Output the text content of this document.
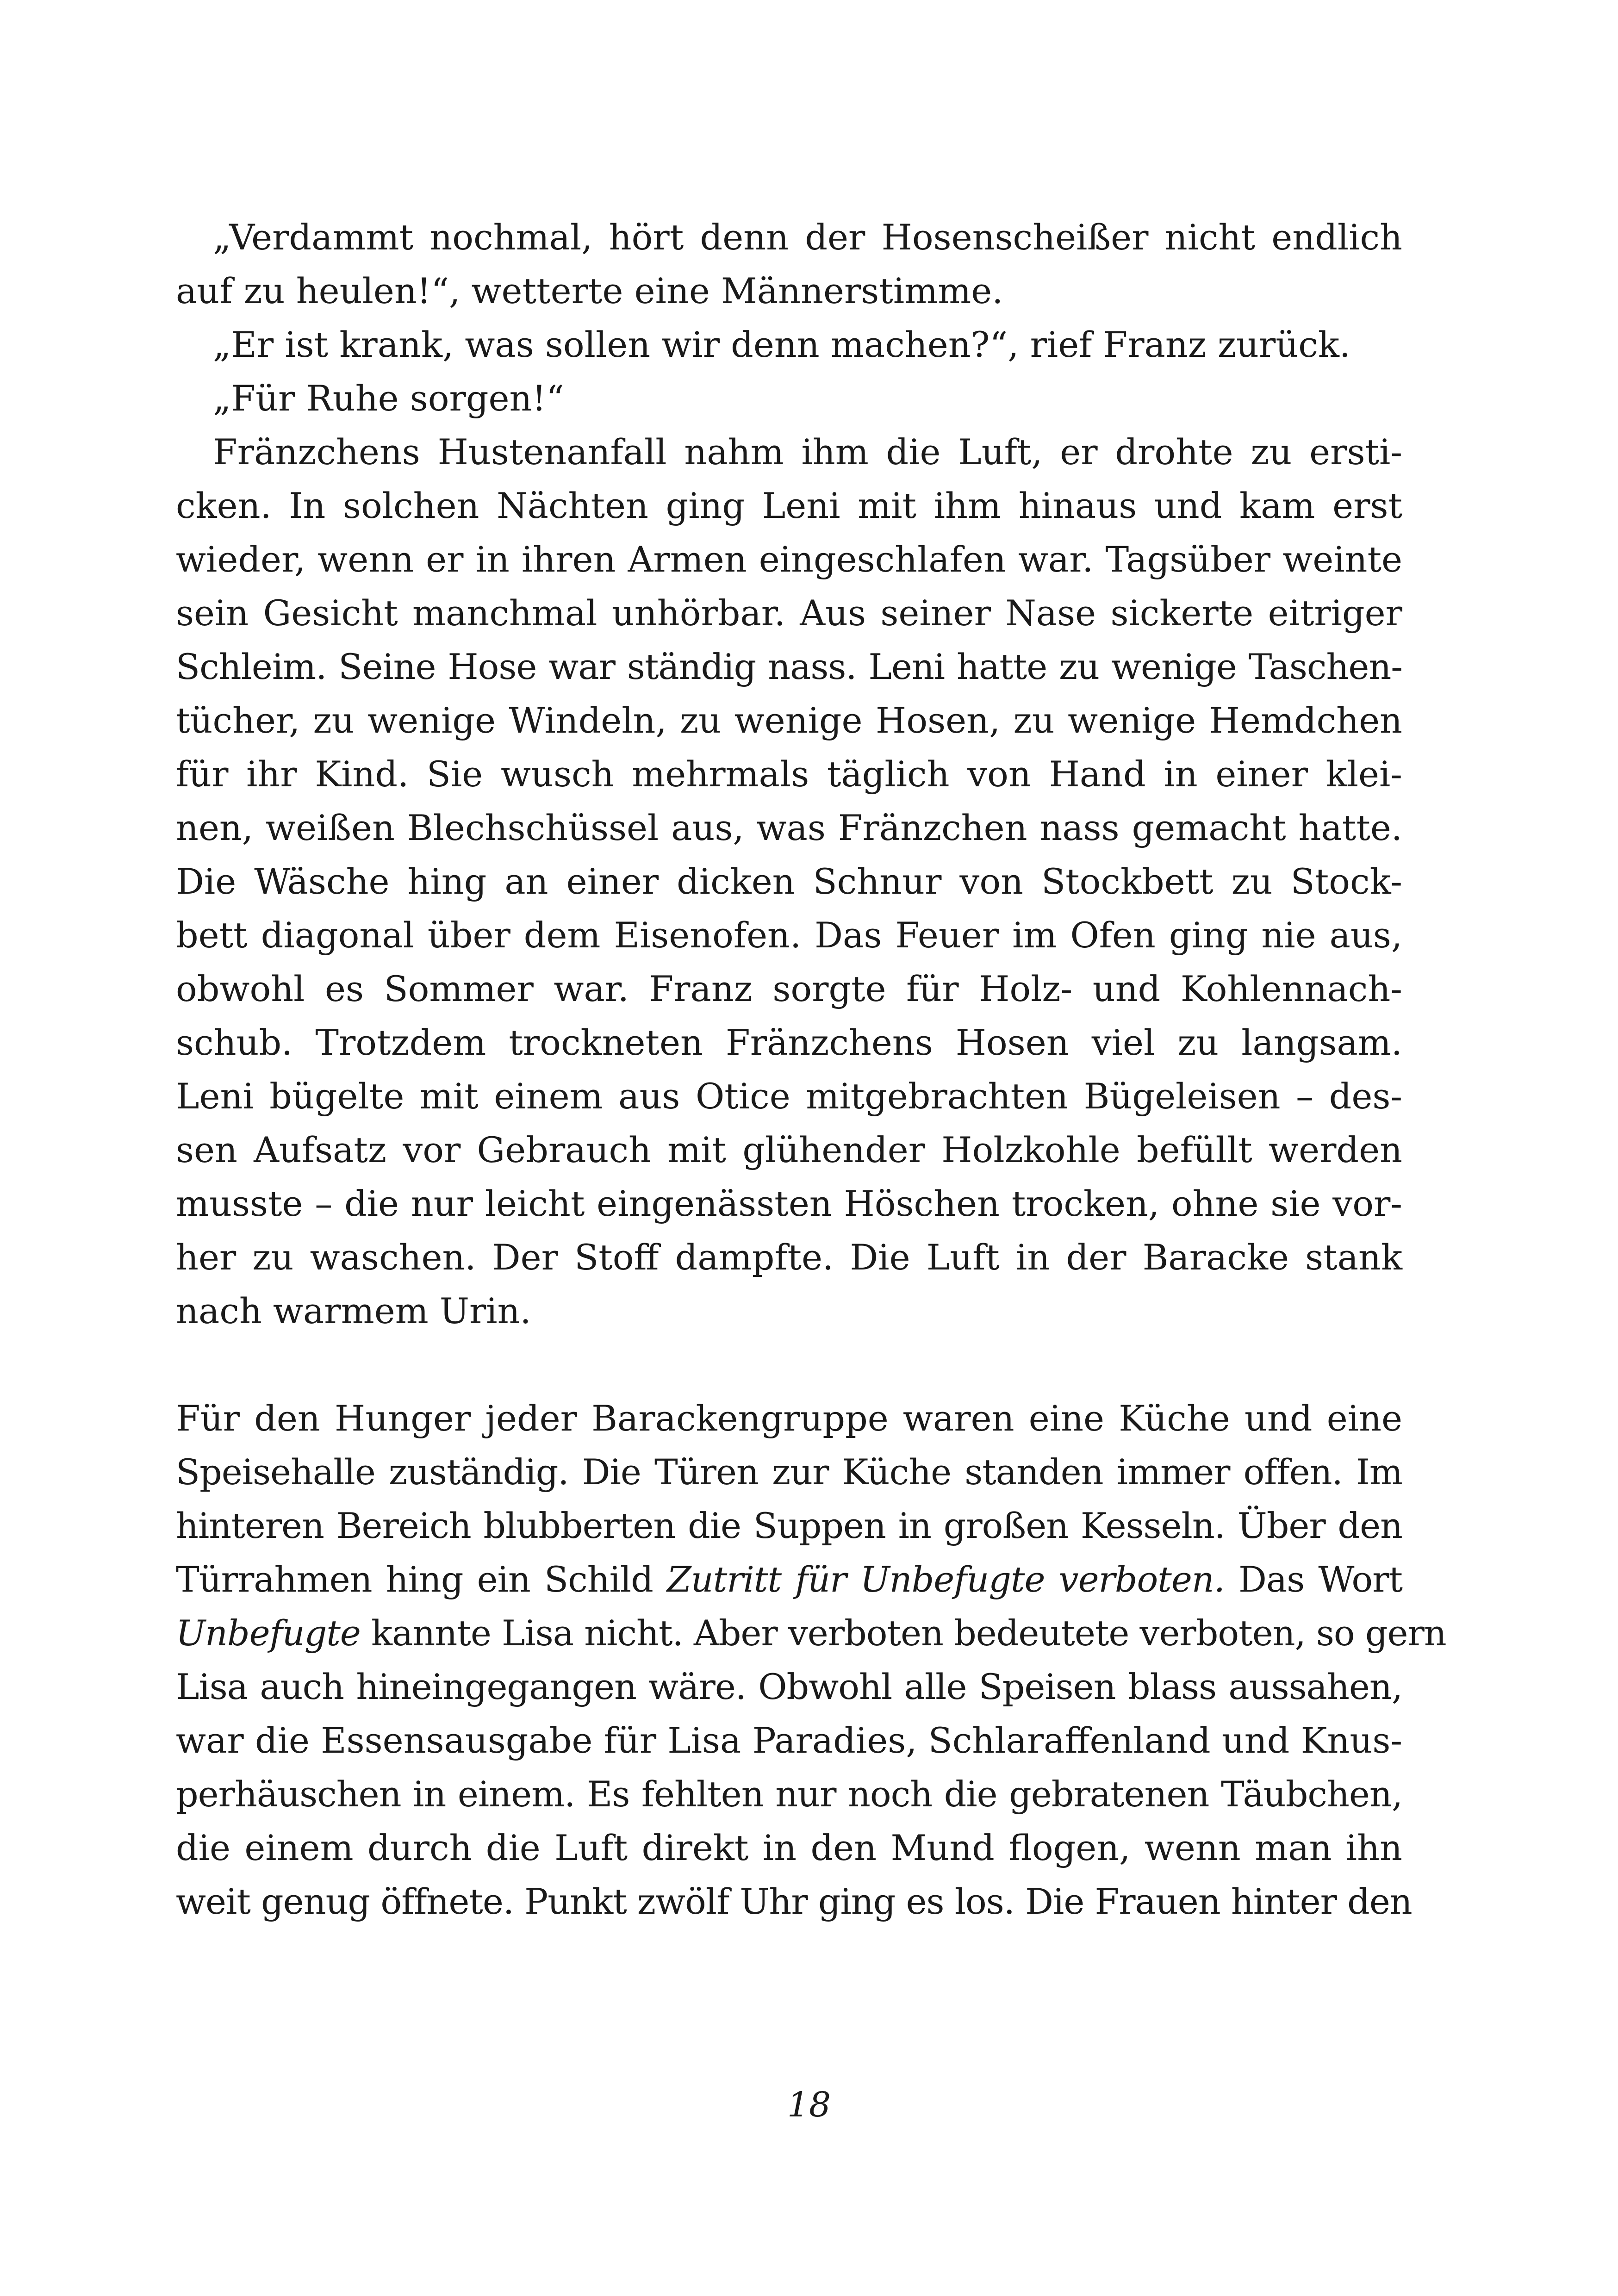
„Verdammt nochmal, hört denn der Hosenscheißer nicht endlich
auf zu heulen!“, wetterte eine Männerstimme.
„Er ist krank, was sollen wir denn machen?“, rief Franz zurück.
„Für Ruhe sorgen!“
Fränzchens Hustenanfall nahm ihm die Luft, er drohte zu ersti-
cken. In solchen Nächten ging Leni mit ihm hinaus und kam erst
wieder, wenn er in ihren Armen eingeschlafen war. Tagsüber weinte
sein Gesicht manchmal unhörbar. Aus seiner Nase sickerte eitriger
Schleim. Seine Hose war ständig nass. Leni hatte zu wenige Taschen-
tücher, zu wenige Windeln, zu wenige Hosen, zu wenige Hemdchen
für ihr Kind. Sie wusch mehrmals täglich von Hand in einer klei-
nen, weißen Blechschüssel aus, was Fränzchen nass gemacht hatte.
Die Wäsche hing an einer dicken Schnur von Stockbett zu Stock-
bett diagonal über dem Eisenofen. Das Feuer im Ofen ging nie aus,
obwohl es Sommer war. Franz sorgte für Holz- und Kohlennach-
schub. Trotzdem trockneten Fränzchens Hosen viel zu langsam.
Leni bügelte mit einem aus Otice mitgebrachten Bügeleisen – des-
sen Aufsatz vor Gebrauch mit glühender Holzkohle befüllt werden
musste – die nur leicht eingenässten Höschen trocken, ohne sie vor-
her zu waschen. Der Stoff dampfte. Die Luft in der Baracke stank
nach warmem Urin.
Für den Hunger jeder Barackengruppe waren eine Küche und eine
Speisehalle zuständig. Die Türen zur Küche standen immer offen. Im
hinteren Bereich blubberten die Suppen in großen Kesseln. Über den
Türrahmen hing ein Schild Zutritt für Unbefugte verboten. Das Wort
Unbefugte kannte Lisa nicht. Aber verboten bedeutete verboten, so gern
Lisa auch hineingegangen wäre. Obwohl alle Speisen blass aussahen,
war die Essensausgabe für Lisa Paradies, Schlaraffenland und Knus-
perhäuschen in einem. Es fehlten nur noch die gebratenen Täubchen,
die einem durch die Luft direkt in den Mund flogen, wenn man ihn
weit genug öffnete. Punkt zwölf Uhr ging es los. Die Frauen hinter den
18
